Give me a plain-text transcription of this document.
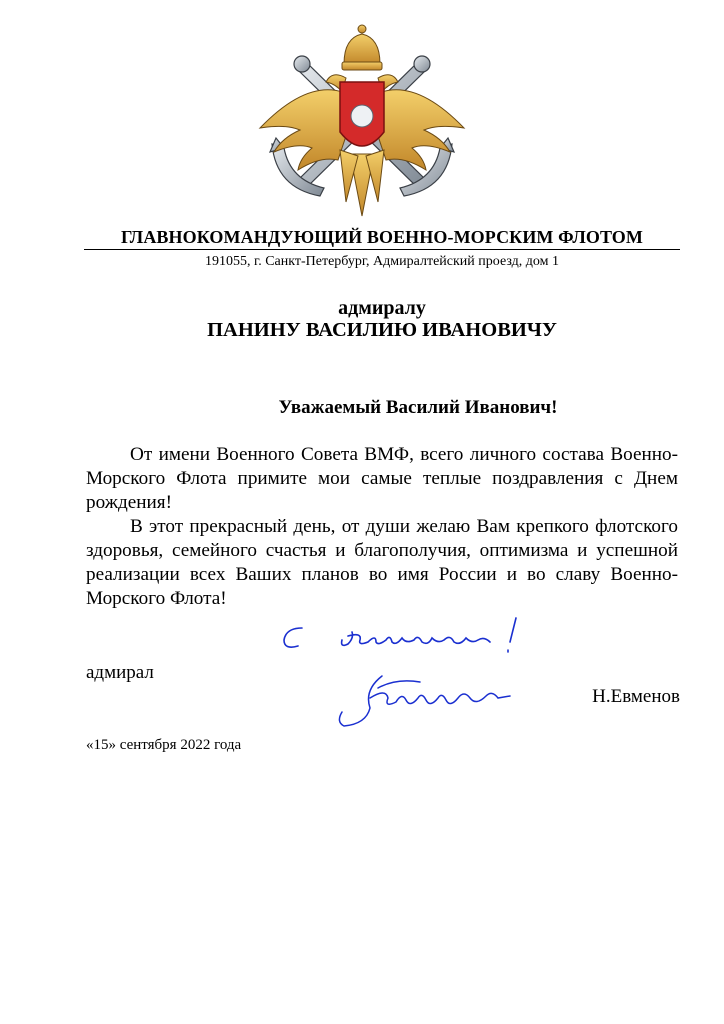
ГЛАВНОКОМАНДУЮЩИЙ ВОЕННО-МОРСКИМ ФЛОТОМ
191055, г. Санкт-Петербург, Адмиралтейский проезд, дом 1
адмиралу
ПАНИНУ ВАСИЛИЮ ИВАНОВИЧУ
Уважаемый Василий Иванович!

От имени Военного Совета ВМФ, всего личного состава Военно-Морского Флота примите мои самые теплые поздравления с Днем рождения!

В этот прекрасный день, от души желаю Вам крепкого флотского здоровья, семейного счастья и благополучия, оптимизма и успешной реализации всех Ваших планов во имя России и во славу Военно-Морского Флота!

адмирал
Н.Евменов
«15» сентября 2022 года
